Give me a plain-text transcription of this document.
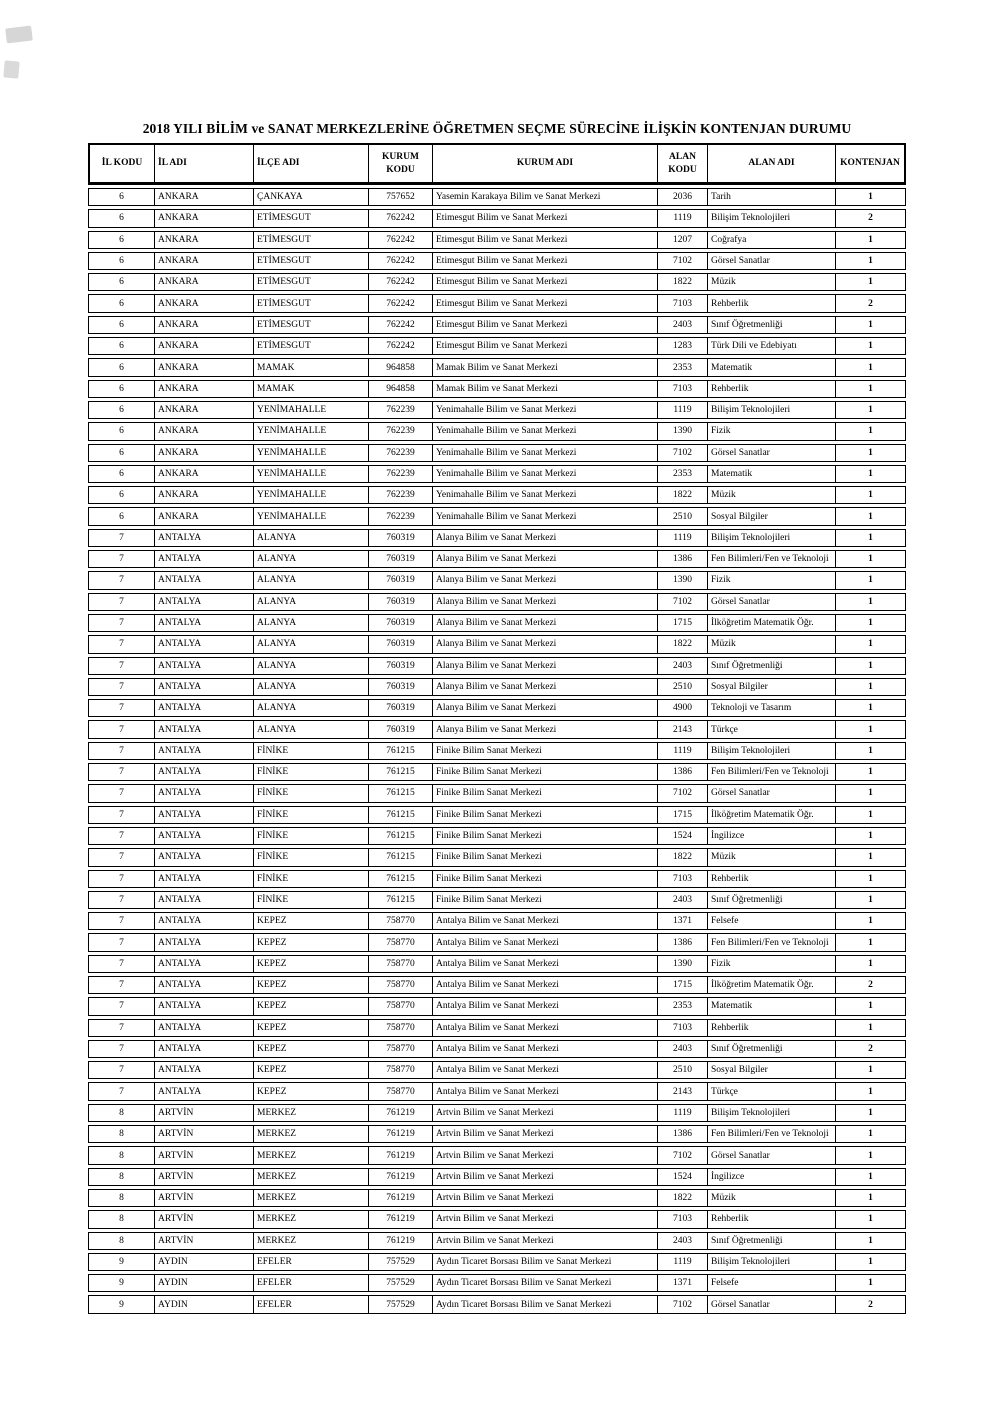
2018 YILI BİLİM ve SANAT MERKEZLERİNE ÖĞRETMEN SEÇME SÜRECİNE İLİŞKİN KONTENJAN DURUMU
İL KODU	İL ADI	İLÇE ADI	KURUM KODU	KURUM ADI	ALAN KODU	ALAN ADI	KONTENJAN
6	ANKARA	ÇANKAYA	757652	Yasemin Karakaya Bilim ve Sanat Merkezi	2036	Tarih	1
6	ANKARA	ETİMESGUT	762242	Etimesgut Bilim ve Sanat Merkezi	1119	Bilişim Teknolojileri	2
6	ANKARA	ETİMESGUT	762242	Etimesgut Bilim ve Sanat Merkezi	1207	Coğrafya	1
6	ANKARA	ETİMESGUT	762242	Etimesgut Bilim ve Sanat Merkezi	7102	Görsel Sanatlar	1
6	ANKARA	ETİMESGUT	762242	Etimesgut Bilim ve Sanat Merkezi	1822	Müzik	1
6	ANKARA	ETİMESGUT	762242	Etimesgut Bilim ve Sanat Merkezi	7103	Rehberlik	2
6	ANKARA	ETİMESGUT	762242	Etimesgut Bilim ve Sanat Merkezi	2403	Sınıf Öğretmenliği	1
6	ANKARA	ETİMESGUT	762242	Etimesgut Bilim ve Sanat Merkezi	1283	Türk Dili ve Edebiyatı	1
6	ANKARA	MAMAK	964858	Mamak Bilim ve Sanat Merkezi	2353	Matematik	1
6	ANKARA	MAMAK	964858	Mamak Bilim ve Sanat Merkezi	7103	Rehberlik	1
6	ANKARA	YENİMAHALLE	762239	Yenimahalle Bilim ve Sanat Merkezi	1119	Bilişim Teknolojileri	1
6	ANKARA	YENİMAHALLE	762239	Yenimahalle Bilim ve Sanat Merkezi	1390	Fizik	1
6	ANKARA	YENİMAHALLE	762239	Yenimahalle Bilim ve Sanat Merkezi	7102	Görsel Sanatlar	1
6	ANKARA	YENİMAHALLE	762239	Yenimahalle Bilim ve Sanat Merkezi	2353	Matematik	1
6	ANKARA	YENİMAHALLE	762239	Yenimahalle Bilim ve Sanat Merkezi	1822	Müzik	1
6	ANKARA	YENİMAHALLE	762239	Yenimahalle Bilim ve Sanat Merkezi	2510	Sosyal Bilgiler	1
7	ANTALYA	ALANYA	760319	Alanya Bilim ve Sanat Merkezi	1119	Bilişim Teknolojileri	1
7	ANTALYA	ALANYA	760319	Alanya Bilim ve Sanat Merkezi	1386	Fen Bilimleri/Fen ve Teknoloji	1
7	ANTALYA	ALANYA	760319	Alanya Bilim ve Sanat Merkezi	1390	Fizik	1
7	ANTALYA	ALANYA	760319	Alanya Bilim ve Sanat Merkezi	7102	Görsel Sanatlar	1
7	ANTALYA	ALANYA	760319	Alanya Bilim ve Sanat Merkezi	1715	İlköğretim Matematik Öğr.	1
7	ANTALYA	ALANYA	760319	Alanya Bilim ve Sanat Merkezi	1822	Müzik	1
7	ANTALYA	ALANYA	760319	Alanya Bilim ve Sanat Merkezi	2403	Sınıf Öğretmenliği	1
7	ANTALYA	ALANYA	760319	Alanya Bilim ve Sanat Merkezi	2510	Sosyal Bilgiler	1
7	ANTALYA	ALANYA	760319	Alanya Bilim ve Sanat Merkezi	4900	Teknoloji ve Tasarım	1
7	ANTALYA	ALANYA	760319	Alanya Bilim ve Sanat Merkezi	2143	Türkçe	1
7	ANTALYA	FİNİKE	761215	Finike Bilim Sanat Merkezi	1119	Bilişim Teknolojileri	1
7	ANTALYA	FİNİKE	761215	Finike Bilim Sanat Merkezi	1386	Fen Bilimleri/Fen ve Teknoloji	1
7	ANTALYA	FİNİKE	761215	Finike Bilim Sanat Merkezi	7102	Görsel Sanatlar	1
7	ANTALYA	FİNİKE	761215	Finike Bilim Sanat Merkezi	1715	İlköğretim Matematik Öğr.	1
7	ANTALYA	FİNİKE	761215	Finike Bilim Sanat Merkezi	1524	İngilizce	1
7	ANTALYA	FİNİKE	761215	Finike Bilim Sanat Merkezi	1822	Müzik	1
7	ANTALYA	FİNİKE	761215	Finike Bilim Sanat Merkezi	7103	Rehberlik	1
7	ANTALYA	FİNİKE	761215	Finike Bilim Sanat Merkezi	2403	Sınıf Öğretmenliği	1
7	ANTALYA	KEPEZ	758770	Antalya Bilim ve Sanat Merkezi	1371	Felsefe	1
7	ANTALYA	KEPEZ	758770	Antalya Bilim ve Sanat Merkezi	1386	Fen Bilimleri/Fen ve Teknoloji	1
7	ANTALYA	KEPEZ	758770	Antalya Bilim ve Sanat Merkezi	1390	Fizik	1
7	ANTALYA	KEPEZ	758770	Antalya Bilim ve Sanat Merkezi	1715	İlköğretim Matematik Öğr.	2
7	ANTALYA	KEPEZ	758770	Antalya Bilim ve Sanat Merkezi	2353	Matematik	1
7	ANTALYA	KEPEZ	758770	Antalya Bilim ve Sanat Merkezi	7103	Rehberlik	1
7	ANTALYA	KEPEZ	758770	Antalya Bilim ve Sanat Merkezi	2403	Sınıf Öğretmenliği	2
7	ANTALYA	KEPEZ	758770	Antalya Bilim ve Sanat Merkezi	2510	Sosyal Bilgiler	1
7	ANTALYA	KEPEZ	758770	Antalya Bilim ve Sanat Merkezi	2143	Türkçe	1
8	ARTVİN	MERKEZ	761219	Artvin Bilim ve Sanat Merkezi	1119	Bilişim Teknolojileri	1
8	ARTVİN	MERKEZ	761219	Artvin Bilim ve Sanat Merkezi	1386	Fen Bilimleri/Fen ve Teknoloji	1
8	ARTVİN	MERKEZ	761219	Artvin Bilim ve Sanat Merkezi	7102	Görsel Sanatlar	1
8	ARTVİN	MERKEZ	761219	Artvin Bilim ve Sanat Merkezi	1524	İngilizce	1
8	ARTVİN	MERKEZ	761219	Artvin Bilim ve Sanat Merkezi	1822	Müzik	1
8	ARTVİN	MERKEZ	761219	Artvin Bilim ve Sanat Merkezi	7103	Rehberlik	1
8	ARTVİN	MERKEZ	761219	Artvin Bilim ve Sanat Merkezi	2403	Sınıf Öğretmenliği	1
9	AYDIN	EFELER	757529	Aydın Ticaret Borsası Bilim ve Sanat Merkezi	1119	Bilişim Teknolojileri	1
9	AYDIN	EFELER	757529	Aydın Ticaret Borsası Bilim ve Sanat Merkezi	1371	Felsefe	1
9	AYDIN	EFELER	757529	Aydın Ticaret Borsası Bilim ve Sanat Merkezi	7102	Görsel Sanatlar	2
